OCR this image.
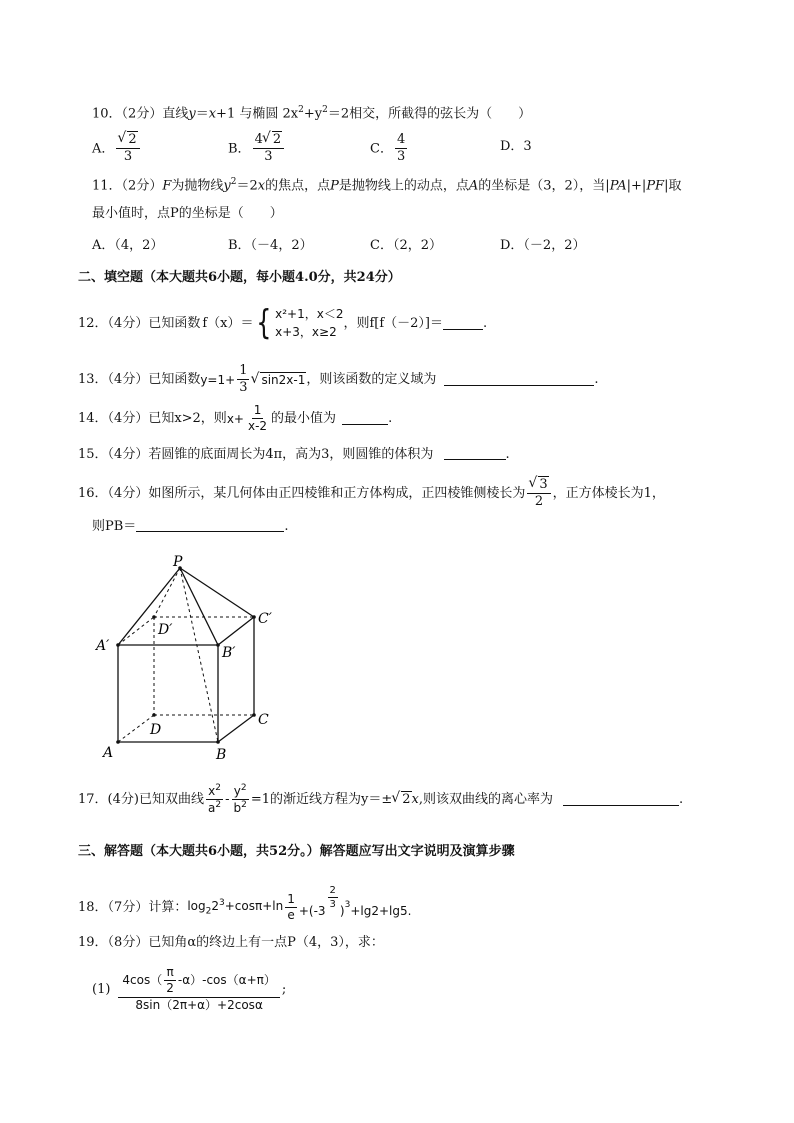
10．（2分）直线y＝x+1 与椭圆 $2x^2+y^2=2$相交，所截得的弦长为（　　）
A． √ $\frac{2}{3}$	B． $\frac{4 √ 2}{3}$	C． $\frac{4}{3}$	D．3
11．（2分）F为抛物线$y^2=2x$的焦点，点P是抛物线上的动点，点A的坐标是（3，2），当|PA|+|PF|取
最小值时，点P的坐标是（　　）
A．（4，2）	B．（－4，2）	C．（2，2）	D．（－2，2）
二、填空题（本大题共6小题，每小题4.0分，共24分）
12．（4分）已知函数 f（x）＝ { x²+1，x＜2
x+3，x≥2
，则f[f（－2）]＝	.
13．（4分）已知函数 $y=1+ \frac{1}{3}$	√ sin2x-1 ，则该函数的定义域为	.
14．（4分）已知x>2，则 $x+ \frac{1}{x-2}$ 的最小值为	.
15．（4分）若圆锥的底面周长为4π，高为3，则圆锥的体积为	.
16．（4分）如图所示，某几何体由正四棱锥和正方体构成，正四棱锥侧棱长为 √ $\frac{3}{2}$ ，正方体棱长为1，
则PB＝	.
P
D′
C′
A′	B′
D
C
A	B
17．(4分)已知双曲线 $\frac{x^2}{a^2} - \frac{y^2}{b^2} =1$的渐近线方程为y＝± √ 2 x ,则该双曲线的离心率为	.
三、解答题（本大题共6小题，共52分。）解答题应写出文字说明及演算步骤
18．（7分）计算： $\log_22^3+\cos\pi+\ln \frac{1}{e} +(-3$
$\frac{2}{3}$
)$^3$ +lg2+lg5.
19．（8分）已知角α的终边上有一点P（4，3），求：
$(1) \frac{4\cos( \frac{\pi}{2} -\alpha)-\cos(\alpha+\pi)}{8\sin(2\pi+\alpha)+2\cos\alpha}$ ;
